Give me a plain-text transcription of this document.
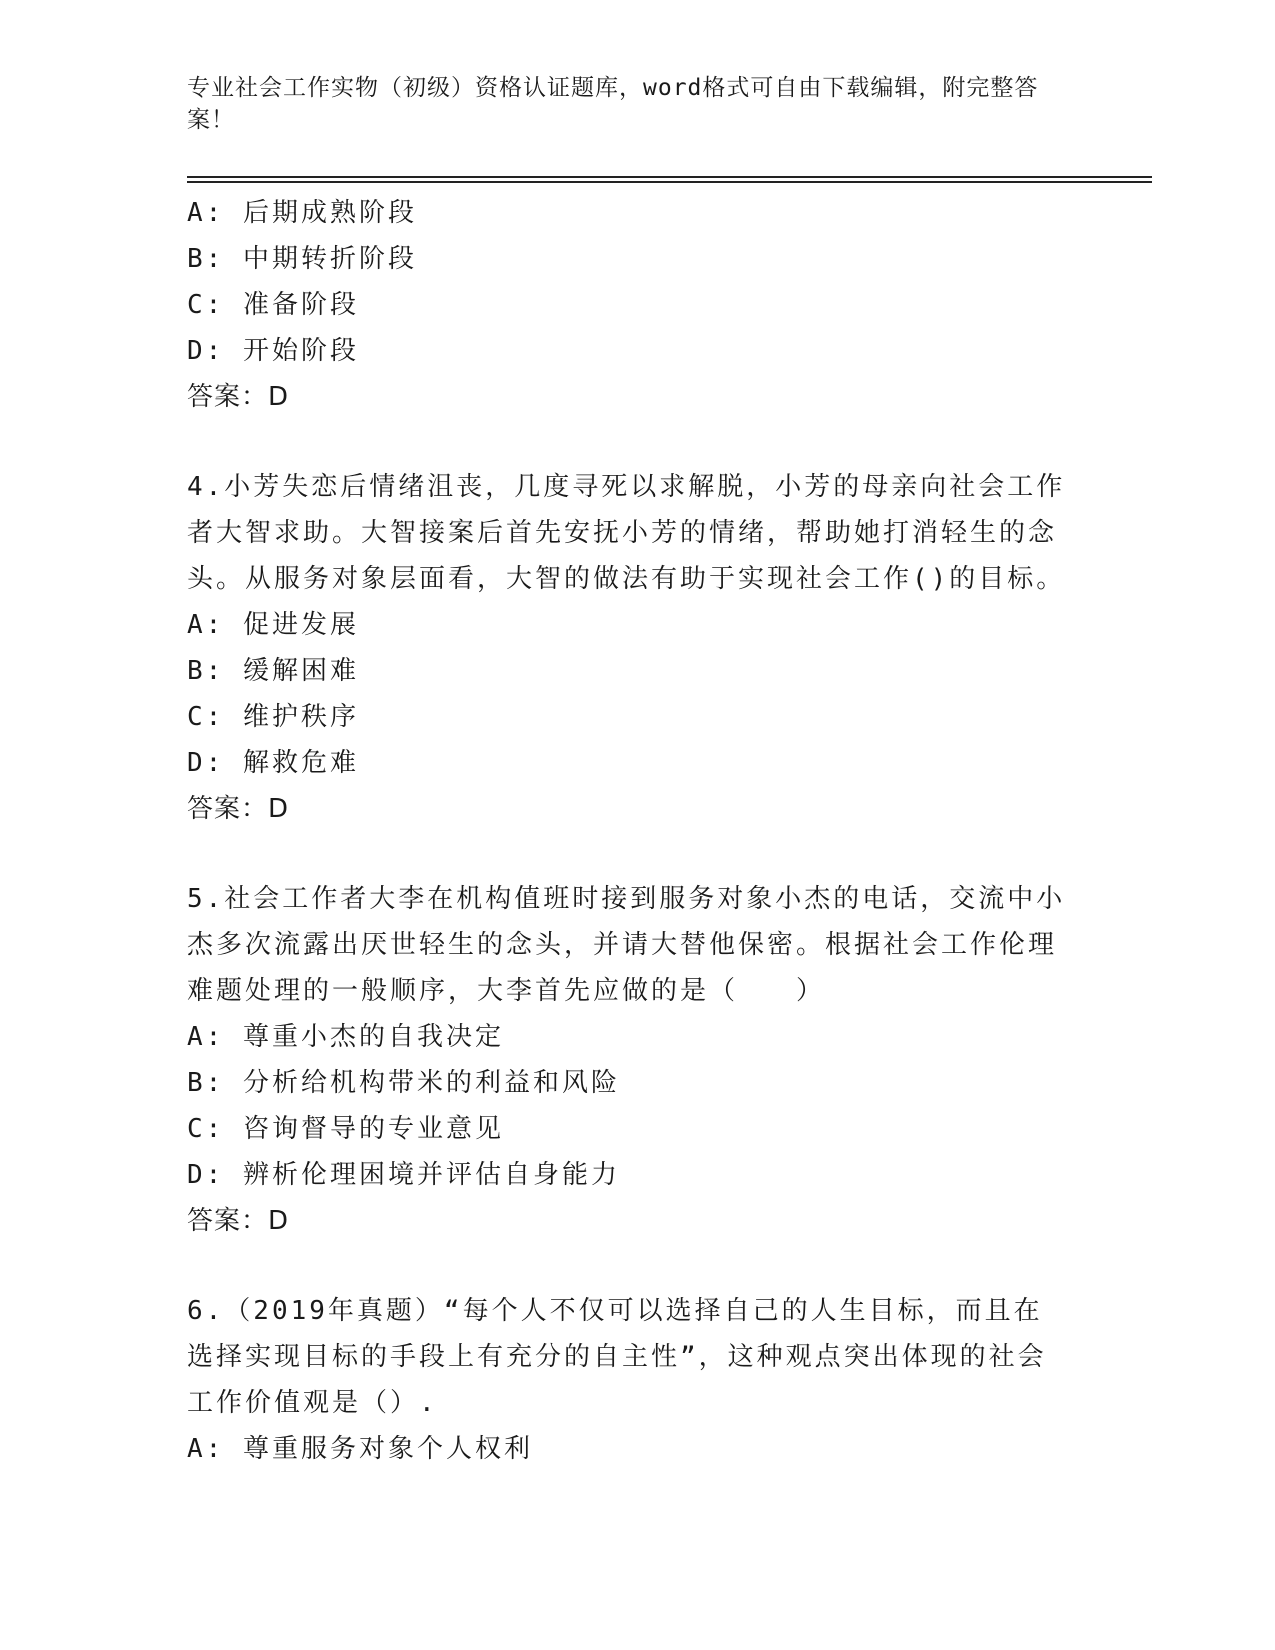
专业社会工作实物（初级）资格认证题库，word格式可自由下载编辑，附完整答案！
A: 后期成熟阶段
B: 中期转折阶段
C: 准备阶段
D: 开始阶段
答案：D
4.小芳失恋后情绪沮丧，几度寻死以求解脱，小芳的母亲向社会工作者大智求助。大智接案后首先安抚小芳的情绪，帮助她打消轻生的念头。从服务对象层面看，大智的做法有助于实现社会工作()的目标。
A: 促进发展
B: 缓解困难
C: 维护秩序
D: 解救危难
答案：D
5.社会工作者大李在机构值班时接到服务对象小杰的电话，交流中小杰多次流露出厌世轻生的念头，并请大替他保密。根据社会工作伦理难题处理的一般顺序，大李首先应做的是（　　）
A: 尊重小杰的自我决定
B: 分析给机构带米的利益和风险
C: 咨询督导的专业意见
D: 辨析伦理困境并评估自身能力
答案：D
6.（2019年真题）“每个人不仅可以选择自己的人生目标，而且在选择实现目标的手段上有充分的自主性”，这种观点突出体现的社会工作价值观是（）.
A: 尊重服务对象个人权利
